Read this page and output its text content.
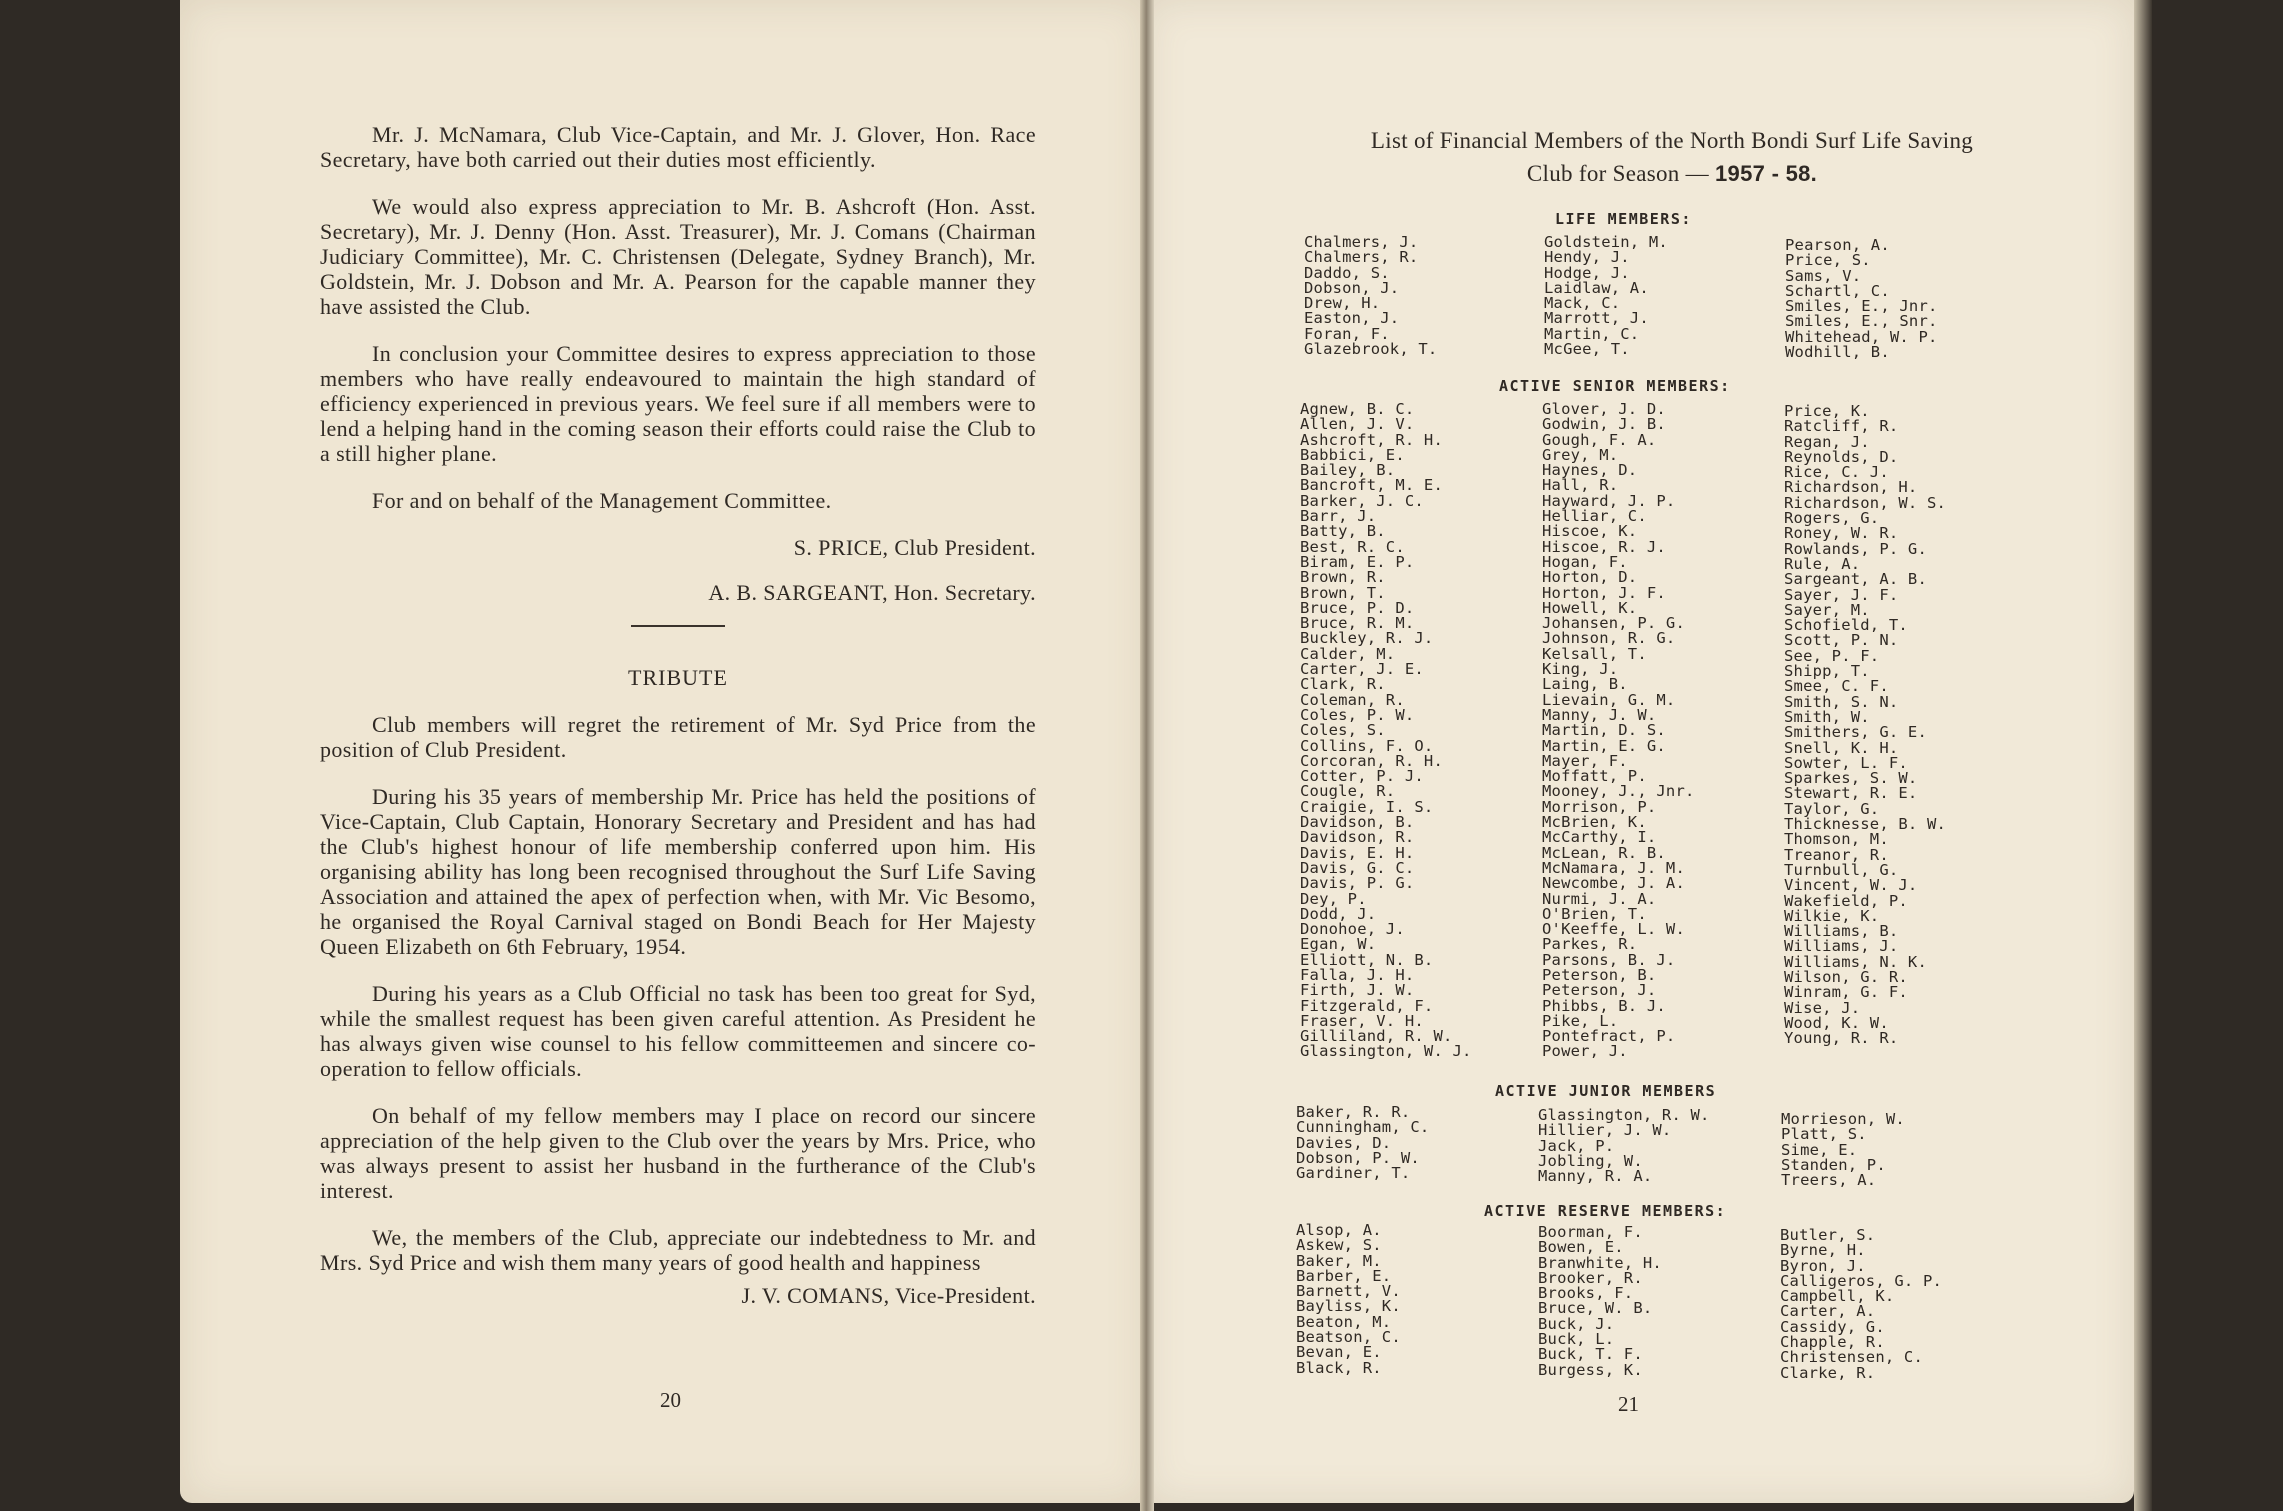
Mr. J. McNamara, Club Vice-Captain, and Mr. J. Glover, Hon. Race Secretary, have both carried out their duties most efficiently.

We would also express appreciation to Mr. B. Ashcroft (Hon. Asst. Secretary), Mr. J. Denny (Hon. Asst. Treasurer), Mr. J. Comans (Chairman Judiciary Committee), Mr. C. Christensen (Delegate, Sydney Branch), Mr. Goldstein, Mr. J. Dobson and Mr. A. Pearson for the capable manner they have assisted the Club.

In conclusion your Committee desires to express appreciation to those members who have really endeavoured to maintain the high standard of efficiency experienced in previous years. We feel sure if all members were to lend a helping hand in the coming season their efforts could raise the Club to a still higher plane.

For and on behalf of the Management Committee.

S. PRICE, Club President.

A. B. SARGEANT, Hon. Secretary.

TRIBUTE

Club members will regret the retirement of Mr. Syd Price from the position of Club President.

During his 35 years of membership Mr. Price has held the positions of Vice-Captain, Club Captain, Honorary Secretary and President and has had the Club's highest honour of life membership conferred upon him. His organising ability has long been recognised throughout the Surf Life Saving Association and attained the apex of perfection when, with Mr. Vic Besomo, he organised the Royal Carnival staged on Bondi Beach for Her Majesty Queen Elizabeth on 6th February, 1954.

During his years as a Club Official no task has been too great for Syd, while the smallest request has been given careful attention. As President he has always given wise counsel to his fellow committeemen and sincere co-operation to fellow officials.

On behalf of my fellow members may I place on record our sincere appreciation of the help given to the Club over the years by Mrs. Price, who was always present to assist her husband in the furtherance of the Club's interest.

We, the members of the Club, appreciate our indebtedness to Mr. and Mrs. Syd Price and wish them many years of good health and happiness

J. V. COMANS, Vice-President.

20
List of Financial Members of the North Bondi Surf Life Saving
Club for Season — 1957 - 58.
LIFE MEMBERS:
Chalmers, J.
Chalmers, R.
Daddo, S.
Dobson, J.
Drew, H.
Easton, J.
Foran, F.
Glazebrook, T.
Goldstein, M.
Hendy, J.
Hodge, J.
Laidlaw, A.
Mack, C.
Marrott, J.
Martin, C.
McGee, T.
Pearson, A.
Price, S.
Sams, V.
Schartl, C.
Smiles, E., Jnr.
Smiles, E., Snr.
Whitehead, W. P.
Wodhill, B.
ACTIVE SENIOR MEMBERS:
Agnew, B. C.
Allen, J. V.
Ashcroft, R. H.
Babbici, E.
Bailey, B.
Bancroft, M. E.
Barker, J. C.
Barr, J.
Batty, B.
Best, R. C.
Biram, E. P.
Brown, R.
Brown, T.
Bruce, P. D.
Bruce, R. M.
Buckley, R. J.
Calder, M.
Carter, J. E.
Clark, R.
Coleman, R.
Coles, P. W.
Coles, S.
Collins, F. O.
Corcoran, R. H.
Cotter, P. J.
Cougle, R.
Craigie, I. S.
Davidson, B.
Davidson, R.
Davis, E. H.
Davis, G. C.
Davis, P. G.
Dey, P.
Dodd, J.
Donohoe, J.
Egan, W.
Elliott, N. B.
Falla, J. H.
Firth, J. W.
Fitzgerald, F.
Fraser, V. H.
Gilliland, R. W.
Glassington, W. J.
Glover, J. D.
Godwin, J. B.
Gough, F. A.
Grey, M.
Haynes, D.
Hall, R.
Hayward, J. P.
Helliar, C.
Hiscoe, K.
Hiscoe, R. J.
Hogan, F.
Horton, D.
Horton, J. F.
Howell, K.
Johansen, P. G.
Johnson, R. G.
Kelsall, T.
King, J.
Laing, B.
Lievain, G. M.
Manny, J. W.
Martin, D. S.
Martin, E. G.
Mayer, F.
Moffatt, P.
Mooney, J., Jnr.
Morrison, P.
McBrien, K.
McCarthy, I.
McLean, R. B.
McNamara, J. M.
Newcombe, J. A.
Nurmi, J. A.
O'Brien, T.
O'Keeffe, L. W.
Parkes, R.
Parsons, B. J.
Peterson, B.
Peterson, J.
Phibbs, B. J.
Pike, L.
Pontefract, P.
Power, J.
Price, K.
Ratcliff, R.
Regan, J.
Reynolds, D.
Rice, C. J.
Richardson, H.
Richardson, W. S.
Rogers, G.
Roney, W. R.
Rowlands, P. G.
Rule, A.
Sargeant, A. B.
Sayer, J. F.
Sayer, M.
Schofield, T.
Scott, P. N.
See, P. F.
Shipp, T.
Smee, C. F.
Smith, S. N.
Smith, W.
Smithers, G. E.
Snell, K. H.
Sowter, L. F.
Sparkes, S. W.
Stewart, R. E.
Taylor, G.
Thicknesse, B. W.
Thomson, M.
Treanor, R.
Turnbull, G.
Vincent, W. J.
Wakefield, P.
Wilkie, K.
Williams, B.
Williams, J.
Williams, N. K.
Wilson, G. R.
Winram, G. F.
Wise, J.
Wood, K. W.
Young, R. R.
ACTIVE JUNIOR MEMBERS
Baker, R. R.
Cunningham, C.
Davies, D.
Dobson, P. W.
Gardiner, T.
Glassington, R. W.
Hillier, J. W.
Jack, P.
Jobling, W.
Manny, R. A.
Morrieson, W.
Platt, S.
Sime, E.
Standen, P.
Treers, A.
ACTIVE RESERVE MEMBERS:
Alsop, A.
Askew, S.
Baker, M.
Barber, E.
Barnett, V.
Bayliss, K.
Beaton, M.
Beatson, C.
Bevan, E.
Black, R.
Boorman, F.
Bowen, E.
Branwhite, H.
Brooker, R.
Brooks, F.
Bruce, W. B.
Buck, J.
Buck, L.
Buck, T. F.
Burgess, K.
Butler, S.
Byrne, H.
Byron, J.
Calligeros, G. P.
Campbell, K.
Carter, A.
Cassidy, G.
Chapple, R.
Christensen, C.
Clarke, R.
21
